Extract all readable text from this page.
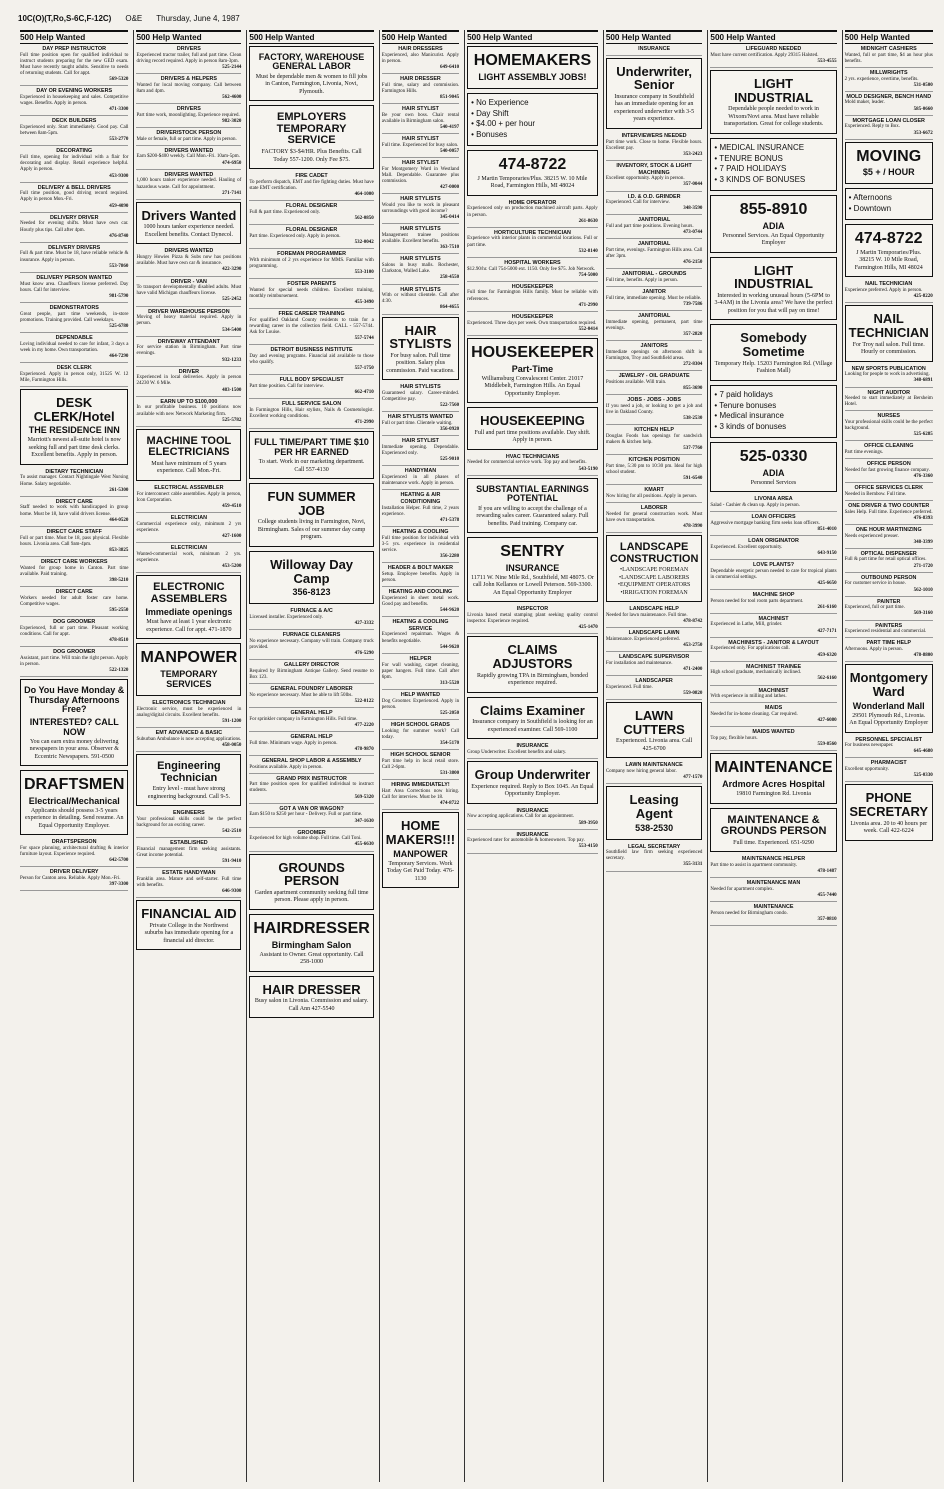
10C(O)(T,Ro,S-6C,F-12C) O&E Thursday, June 4, 1987
500 Help Wanted
DAY PREP INSTRUCTOR
Full time position open for qualified individual to instruct students preparing for the new GED exam. Must have recently taught adults. Sensitive to needs of returning students. Call for appt.
569-5320
DAY OR EVENING WORKERS
Experienced in housekeeping and sales. Competitive wages. Benefits. Apply in person.
471-3300
DECK BUILDERS
Experienced only. Start immediately. Good pay. Call between 8am-5pm.
553-2770
DECORATING
Full time, opening for individual with a flair for decorating and display. Retail experience helpful. Apply in person.
453-9300
DELIVERY & BELL DRIVERS
Full time position, good driving record required. Apply in person Mon.-Fri.
459-4090
DELIVERY DRIVER
Needed for evening shifts. Must have own car. Hourly plus tips. Call after 4pm.
476-8740
DELIVERY DRIVERS
Full & part time. Must be 18, have reliable vehicle & insurance. Apply in person.
553-7860
DELIVERY PERSON WANTED
Must know area. Chauffeurs license preferred. Day hours. Call for interview.
981-5790
DEMONSTRATORS
Great people, part time weekends, in-store promotions. Training provided. Call weekdays.
525-6780
DEPENDABLE
Loving individual needed to care for infant, 3 days a week in my home. Own transportation.
464-7290
DESK CLERK
Experienced. Apply in person only, 31525 W. 12 Mile, Farmington Hills.
DESK CLERK/Hotel
THE RESIDENCE INN
Marriott's newest all-suite hotel is now seeking full and part time desk clerks. Excellent benefits. Apply in person.
DIETARY TECHNICIAN
To assist manager. Contact Nightingale West Nursing Home. Salary negotiable.
261-5300
DIRECT CARE
Staff needed to work with handicapped in group home. Must be 18, have valid drivers license.
464-0520
DIRECT CARE STAFF
Full or part time. Must be 18, pass physical. Flexible hours. Livonia area. Call 9am-4pm.
853-3825
DIRECT CARE WORKERS
Wanted for group home in Canton. Part time available. Paid training.
398-5210
DIRECT CARE
Workers needed for adult foster care home. Competitive wages.
595-2550
DOG GROOMER
Experienced, full or part time. Pleasant working conditions. Call for appt.
478-8510
DOG GROOMER
Assistant, part time. Will train the right person. Apply in person.
522-1320
Do You Have Monday & Thursday Afternoons Free?
INTERESTED? CALL NOW
You can earn extra money delivering newspapers in your area. Observer & Eccentric Newspapers. 591-0500
DRAFTSMEN
Electrical/Mechanical
Applicants should possess 3-5 years experience in detailing. Send resume. An Equal Opportunity Employer.
DRAFTSPERSON
For space planning, architectural drafting & interior furniture layout. Experience required.
642-5700
DRIVER DELIVERY
Person for Canton area. Reliable. Apply Mon.-Fri.
397-3300
500 Help Wanted
DRIVERS
Experienced tractor trailer, full and part time. Clean driving record required. Apply in person 8am-3pm.
525-2144
DRIVERS & HELPERS
Wanted for local moving company. Call between 8am and 4pm.
562-4600
DRIVERS
Part time work, moonlighting. Experience required.
982-3020
DRIVER/STOCK PERSON
Male or female, full or part time. Apply in person.
DRIVERS WANTED
Earn $200-$400 weekly. Call Mon.-Fri. 10am-5pm.
474-6950
DRIVERS WANTED
1,000 hours tanker experience needed. Hauling of hazardous waste. Call for appointment.
271-7141
Drivers Wanted
1000 hours tanker experience needed. Excellent benefits. Contact Dynecol.
DRIVERS WANTED
Hungry Howies Pizza & Subs now has positions available. Must have own car & insurance.
422-3290
DRIVER - VAN
To transport developmentally disabled adults. Must have valid Michigan chauffeurs license.
525-2452
DRIVER WAREHOUSE PERSON
Moving of heavy material required. Apply in person.
534-5400
DRIVEWAY ATTENDANT
For service station in Birmingham. Part time evenings.
932-1233
DRIVER
Experienced in local deliveries. Apply in person 24230 W. 6 Mile.
483-1500
EARN UP TO $100,000
In our profitable business. 10 positions now available with new Network Marketing firm.
525-5782
MACHINE TOOL ELECTRICIANS
Must have minimum of 5 years experience. Call Mon.-Fri.
ELECTRICAL ASSEMBLER
For interconnect cable assemblies. Apply in person, Icon Corporation.
459-4510
ELECTRICIAN
Commercial experience only, minimum 2 yrs experience.
427-1600
ELECTRICIAN
Wanted-commercial work, minimum 2 yrs. experience.
453-5200
ELECTRONIC ASSEMBLERS
Immediate openings
Must have at least 1 year electronic experience. Call for appt. 471-1870
MANPOWER
TEMPORARY SERVICES
ELECTRONICS TECHNICIAN
Electronic service, must be experienced in analog/digital circuits. Excellent benefits.
591-1200
EMT ADVANCED & BASIC
Suburban Ambulance is now accepting applications.
458-0050
Engineering Technician
Entry level - must have strong engineering background. Call 9-5.
ENGINEERS
Your professional skills could be the perfect background for an exciting career.
542-2510
ESTABLISHED
Financial management firm seeking assistants. Great income potential.
591-9410
ESTATE HANDYMAN
Franklin area. Mature and self-starter. Full time with benefits.
646-9300
FINANCIAL AID
Private College in the Northwest suburbs has immediate opening for a financial aid director.
500 Help Wanted
FACTORY, WAREHOUSE GENERAL LABOR
Must be dependable men & women to fill jobs in Canton, Farmington, Livonia, Novi, Plymouth.
EMPLOYERS TEMPORARY SERVICE
FACTORY $3-$4/HR. Plus Benefits. Call Today 557-1200. Only Fee $75.
FIRE CADET
To perform dispatch, EMT and fire fighting duties. Must have state EMT certification.
464-1000
FLORAL DESIGNER
Full & part time. Experienced only.
562-0850
FLORAL DESIGNER
Part time. Experienced only. Apply in person.
532-0042
FOREMAN PROGRAMMER
With minimum of 2 yrs experience for MMS. Familiar with programming.
553-3100
FOSTER PARENTS
Wanted for special needs children. Excellent training, monthly reimbursement.
455-3490
FREE CAREER TRAINING
For qualified Oakland County residents to train for a rewarding career in the collection field. CALL - 557-5744. Ask for Louise.
557-5744
DETROIT BUSINESS INSTITUTE
Day and evening programs. Financial aid available to those who qualify.
557-1750
FULL BODY SPECIALIST
Part time position. Call for interview.
662-4710
FULL SERVICE SALON
In Farmington Hills, Hair stylists, Nails & Cosmetologist. Excellent working conditions.
471-2990
FULL TIME/PART TIME $10 PER HR EARNED
To start. Work in our marketing department. Call 557-4130
FUN SUMMER JOB
College students living in Farmington, Novi, Birmingham. Sales of our summer day camp program.
Willoway Day Camp
356-8123
FURNACE & A/C
Licensed installer. Experienced only.
427-3332
FURNACE CLEANERS
No experience necessary. Company will train. Company truck provided.
476-5290
GALLERY DIRECTOR
Required by Birmingham Antique Gallery. Send resume to Box 123.
GENERAL FOUNDRY LABORER
No experience necessary. Must be able to lift 50lbs.
522-0122
GENERAL HELP
For sprinkler company in Farmington Hills. Full time.
477-2220
GENERAL HELP
Full time. Minimum wage. Apply in person.
478-9870
GENERAL SHOP LABOR & ASSEMBLY
Positions available. Apply in person.
GRAND PRIX INSTRUCTOR
Part time position open for qualified individual to instruct students.
569-5320
GOT A VAN OR WAGON?
Earn $150 to $250 per hour - Delivery. Full or part time.
347-1630
GROOMER
Experienced for high volume shop. Full time. Call Toni.
455-6630
GROUNDS PERSON
Garden apartment community seeking full time person. Please apply in person.
HAIRDRESSER
Birmingham Salon
Assistant to Owner. Great opportunity. Call 258-1000
HAIR DRESSER
Busy salon in Livonia. Commission and salary. Call Ann 427-5540
500 Help Wanted
HAIR DRESSERS
Experienced, also Manicurist. Apply in person.
649-6410
HAIR DRESSER
Full time, salary and commission. Farmington Hills.
851-9045
HAIR STYLIST
Be your own boss. Chair rental available in Birmingham salon.
540-4197
HAIR STYLIST
Full time. Experienced for busy salon.
540-0057
HAIR STYLIST
For Montgomery Ward in Westland Mall. Dependable. Guarantee plus commission.
427-0000
HAIR STYLISTS
Would you like to work in pleasant surroundings with good income?
345-0414
HAIR STYLISTS
Management trainee positions available. Excellent benefits.
363-7510
HAIR STYLISTS
Salons in busy malls. Rochester, Clarkston, Walled Lake.
258-4550
HAIR STYLISTS
With or without clientele. Call after 4:30.
864-4655
HAIR STYLISTS
For busy salon. Full time position. Salary plus commission. Paid vacations.
HAIR STYLISTS
Guaranteed salary. Career-minded. Competitive pay.
522-7560
HAIR STYLISTS WANTED
Full or part time. Clientele waiting.
356-0920
HAIR STYLIST
Immediate opening. Dependable. Experienced only.
525-9010
HANDYMAN
Experienced in all phases of maintenance work. Apply in person.
HEATING & AIR CONDITIONING
Installation Helper. Full time, 2 years experience.
471-5378
HEATING & COOLING
Full time position for individual with 3-5 yrs. experience in residential service.
356-2280
HEADER & BOLT MAKER
Setup. Employee benefits. Apply in person.
HEATING AND COOLING
Experienced in sheet metal work. Good pay and benefits.
544-9620
HEATING & COOLING SERVICE
Experienced repairman. Wages & benefits negotiable.
544-9620
HELPER
For wall washing, carpet cleaning, paper hangers. Full time. Call after 6pm.
313-5520
HELP WANTED
Dog Groomer. Experienced. Apply in person.
525-2050
HIGH SCHOOL GRADS
Looking for summer work? Call today.
354-5170
HIGH SCHOOL SENIOR
Part time help in local retail store. Call 2-6pm.
531-3800
HIRING IMMEDIATELY!
Hart Area Corrections now hiring. Call for interview. Must be 18.
474-8722
HOME MAKERS!!!
MANPOWER
Temporary Services. Work Today Get Paid Today. 476-1130
500 Help Wanted
HOMEMAKERS
LIGHT ASSEMBLY JOBS!
• No Experience
• Day Shift
• $4.00 + per hour
• Bonuses
474-8722
J Martin Temporaries/Plus. 38215 W. 10 Mile Road, Farmington Hills, MI 48024
HOME OPERATOR
Experienced only on production machined aircraft parts. Apply in person.
261-8630
HORTICULTURE TECHNICIAN
Experience with interior plants in commercial locations. Full or part time.
532-8140
HOSPITAL WORKERS
$12.90/hr. Call 754-5000 ext. 1150. Only fee $75. Job Network.
754-5000
HOUSEKEEPER
Full time for Farmington Hills family. Must be reliable with references.
471-2990
HOUSEKEEPER
Experienced. Three days per week. Own transportation required.
552-0414
HOUSEKEEPER
Part-Time
Williamsburg Convalescent Center. 21017 Middlebelt, Farmington Hills. An Equal Opportunity Employer.
HOUSEKEEPING
Full and part time positions available. Day shift. Apply in person.
HVAC TECHNICIANS
Needed for commercial service work. Top pay and benefits.
543-5190
SUBSTANTIAL EARNINGS POTENTIAL
If you are willing to accept the challenge of a rewarding sales career. Guaranteed salary. Full benefits. Paid training. Company car.
SENTRY
INSURANCE
11711 W. Nine Mile Rd., Southfield, MI 48075. Or call John Kellanos or Lowell Peterson. 569-3300. An Equal Opportunity Employer
INSPECTOR
Livonia based metal stamping plant seeking quality control inspector. Experience required.
425-1470
CLAIMS ADJUSTORS
Rapidly growing TPA in Birmingham, bonded experience required.
Claims Examiner
Insurance company in Southfield is looking for an experienced examiner. Call 569-1100
INSURANCE
Group Underwriter. Excellent benefits and salary.
Group Underwriter
Experience required. Reply to Box 1045. An Equal Opportunity Employer.
INSURANCE
Now accepting applications. Call for an appointment.
589-3950
INSURANCE
Experienced rater for automobile & homeowners. Top pay.
553-4150
500 Help Wanted
INSURANCE
Underwriter, Senior
Insurance company in Southfield has an immediate opening for an experienced underwriter with 3-5 years experience.
INTERVIEWERS NEEDED
Part time work. Close to home. Flexible hours. Excellent pay.
353-2423
INVENTORY, STOCK & LIGHT MACHINING
Excellent opportunity. Apply in person.
357-0044
I.D. & O.D. GRINDER
Experienced. Call for interview.
348-3590
JANITORIAL
Full and part time positions. Evening hours.
473-0744
JANITORIAL
Part time, evenings. Farmington Hills area. Call after 3pm.
476-2150
JANITORIAL - GROUNDS
Full time, benefits. Apply in person.
JANITOR
Full time, immediate opening. Must be reliable.
739-7586
JANITORIAL
Immediate opening, permanent, part time evenings.
357-2820
JANITORS
Immediate openings on afternoon shift in Farmington, Troy and Southfield areas.
272-8304
JEWELRY - OIL GRADUATE
Positions available. Will train.
855-3690
JOBS - JOBS - JOBS
If you need a job, or looking to get a job and live in Oakland County.
538-2530
KITCHEN HELP
Douglas Foods has openings for sandwich makers & kitchen help.
537-7760
KITCHEN POSITION
Part time, 5:30 pm to 10:30 pm. Ideal for high school student.
591-6540
KMART
Now hiring for all positions. Apply in person.
LABORER
Needed for general construction work. Must have own transportation.
478-3990
LANDSCAPE CONSTRUCTION
•LANDSCAPE FOREMAN •LANDSCAPE LABORERS •EQUIPMENT OPERATORS •IRRIGATION FOREMAN
LANDSCAPE HELP
Needed for lawn maintenance. Full time.
478-8742
LANDSCAPE LAWN
Maintenance. Experienced preferred.
453-2750
LANDSCAPE SUPERVISOR
For installation and maintenance.
471-2400
LANDSCAPER
Experienced. Full time.
559-0820
LAWN CUTTERS
Experienced. Livonia area. Call 425-6700
LAWN MAINTENANCE
Company now hiring general labor.
477-1570
Leasing Agent
538-2530
LEGAL SECRETARY
Southfield law firm seeking experienced secretary.
355-3131
500 Help Wanted
LIFEGUARD NEEDED
Must have current certification. Apply 29315 Halsted.
553-4555
LIGHT INDUSTRIAL
Dependable people needed to work in Wixom/Novi area. Must have reliable transportation. Great for college students.
• MEDICAL INSURANCE
• TENURE BONUS
• 7 PAID HOLIDAYS
• 3 KINDS OF BONUSES
855-8910
ADIA
Personnel Services. An Equal Opportunity Employer
LIGHT INDUSTRIAL
Interested in working unusual hours (5-6PM to 3-4AM) in the Livonia area? We have the perfect position for you that will pay on time!
Somebody Sometime
Temporary Help. 15203 Farmington Rd. (Village Fashion Mall)
• 7 paid holidays
• Tenure bonuses
• Medical insurance
• 3 kinds of bonuses
525-0330
ADIA
Personnel Services
LIVONIA AREA
Salad - Cashier & clean up. Apply in person.
LOAN OFFICERS
Aggressive mortgage banking firm seeks loan officers.
851-4010
LOAN ORIGINATOR
Experienced. Excellent opportunity.
643-9150
LOVE PLANTS?
Dependable energetic person needed to care for tropical plants in commercial settings.
425-6650
MACHINE SHOP
Person needed for tool room parts department.
261-6160
MACHINIST
Experienced in Lathe, Mill, grinder.
427-7171
MACHINISTS - JANITOR & LAYOUT
Experienced only. For applications call.
459-6320
MACHINIST TRAINEE
High school graduate, mechanically inclined.
562-6160
MACHINIST
With experience in milling and lathes.
MAIDS
Needed for in-home cleaning. Car required.
427-6080
MAIDS WANTED
Top pay, flexible hours.
559-8560
MAINTENANCE
Ardmore Acres Hospital
19810 Farmington Rd. Livonia
MAINTENANCE & GROUNDS PERSON
Full time. Experienced. 651-9290
MAINTENANCE HELPER
Part time to assist in apartment community.
478-1487
MAINTENANCE MAN
Needed for apartment complex.
455-7440
MAINTENANCE
Person needed for Birmingham condo.
357-0810
500 Help Wanted
MIDNIGHT CASHIERS
Wanted, full or part time, $4 an hour plus benefits.
MILLWRIGHTS
2 yrs. experience, overtime, benefits.
531-0500
MOLD DESIGNER, BENCH HAND
Mold maker, leader.
585-0660
MORTGAGE LOAN CLOSER
Experienced. Reply to Box.
353-6672
MOVING
$5 + / HOUR
• Afternoons
• Downtown
474-8722
J Martin Temporaries/Plus. 38215 W. 10 Mile Road, Farmington Hills, MI 48024
NAIL TECHNICIAN
Experience preferred. Apply in person.
425-8220
NAIL TECHNICIAN
For Troy nail salon. Full time. Hourly or commission.
NEW SPORTS PUBLICATION
Looking for people to work in advertising.
348-6891
NIGHT AUDITOR
Needed to start immediately at Bersheim Hotel.
NURSES
Your professional skills could be the perfect background.
525-6285
OFFICE CLEANING
Part time evenings.
OFFICE PERSON
Needed for fast growing finance company.
476-3360
OFFICE SERVICES CLERK
Needed in Bernbow. Full time.
ONE DRIVER & TWO COUNTER
Sales Help. Full time. Experience preferred.
476-8393
ONE HOUR MARTINIZING
Needs experienced presser.
348-3399
OPTICAL DISPENSER
Full & part time for retail optical offices.
271-1720
OUTBOUND PERSON
For customer service in house.
562-1010
PAINTER
Experienced, full or part time.
569-3160
PAINTERS
Experienced residential and commercial.
PART TIME HELP
Afternoons. Apply in person.
478-8800
Montgomery Ward
Wonderland Mall
29501 Plymouth Rd., Livonia. An Equal Opportunity Employer
PERSONNEL SPECIALIST
For business newspaper.
645-4680
PHARMACIST
Excellent opportunity.
525-0330
PHONE SECRETARY
Livonia area. 20 to 40 hours per week. Call 422-6224
